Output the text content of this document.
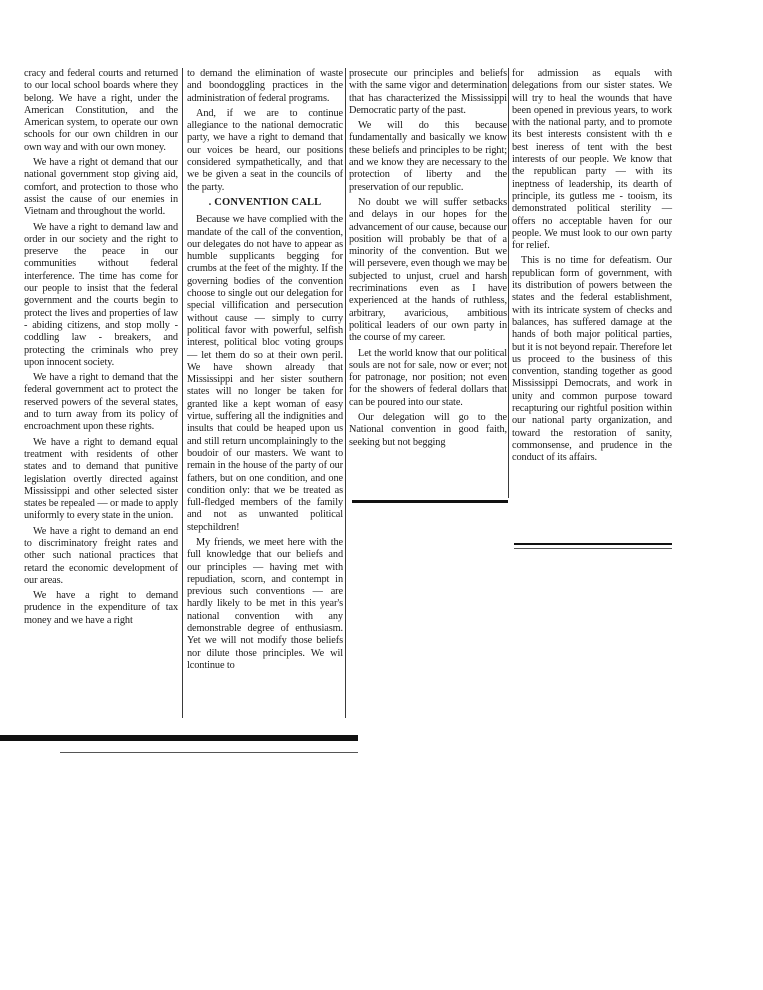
cracy and federal courts and returned to our local school boards where they belong. We have a right, under the American Constitution, and the American system, to operate our own schools for our own children in our own way and with our own money.

We have a right ot demand that our national government stop giving aid, comfort, and protection to those who assist the cause of our enemies in Vietnam and throughout the world.

We have a right to demand law and order in our society and the right to preserve the peace in our communities without federal interference. The time has come for our people to insist that the federal government and the courts begin to protect the lives and properties of law - abiding citizens, and stop molly - coddling law - breakers, and protecting the criminals who prey upon innocent society.

We have a right to demand that the federal government act to protect the reserved powers of the several states, and to turn away from its policy of encroachment upon these rights.

We have a right to demand equal treatment with residents of other states and to demand that punitive legislation overtly directed against Mississippi and other selected sister states be repealed — or made to apply uniformly to every state in the union.

We have a right to demand an end to discriminatory freight rates and other such national practices that retard the economic development of our areas.

We have a right to demand prudence in the expenditure of tax money and we have a right

to demand the elimination of waste and boondoggling practices in the administration of federal programs.

And, if we are to continue allegiance to the national democratic party, we have a right to demand that our voices be heard, our positions considered sympathetically, and that we be given a seat in the councils of the party.

. CONVENTION CALL

Because we have complied with the mandate of the call of the convention, our delegates do not have to appear as humble supplicants begging for crumbs at the feet of the mighty. If the governing bodies of the convention choose to single out our delegation for special villification and persecution without cause — simply to curry political favor with powerful, selfish interest, political bloc voting groups — let them do so at their own peril. We have shown already that Mississippi and her sister southern states will no longer be taken for granted like a kept woman of easy virtue, suffering all the indignities and insults that could be heaped upon us and still return uncomplainingly to the boudoir of our masters. We want to remain in the house of the party of our fathers, but on one condition, and one condition only: that we be treated as full-fledged members of the family and not as unwanted political stepchildren!

My friends, we meet here with the full knowledge that our beliefs and our principles — having met with repudiation, scorn, and contempt in previous such conventions — are hardly likely to be met in this year's national convention with any demonstrable degree of enthusiasm. Yet we will not modify those beliefs nor dilute those principles. We wil lcontinue to

prosecute our principles and beliefs with the same vigor and determination that has characterized the Mississippi Democratic party of the past.

We will do this because fundamentally and basically we know these beliefs and principles to be right; and we know they are necessary to the protection of liberty and the preservation of our republic.

No doubt we will suffer setbacks and delays in our hopes for the advancement of our cause, because our position will probably be that of a minority of the convention. But we will persevere, even though we may be subjected to unjust, cruel and harsh recriminations even as I have experienced at the hands of ruthless, arbitrary, avaricious, ambitious political leaders of our own party in the course of my career.

Let the world know that our political souls are not for sale, now or ever; not for patronage, nor position; not even for the showers of federal dollars that can be poured into our state.

Our delegation will go to the National convention in good faith, seeking but not begging

for admission as equals with delegations from our sister states. We will try to heal the wounds that have been opened in previous years, to work with the national party, and to promote its best interests consistent with th e best ineress of tent with the best interests of our people. We know that the republican party — with its ineptness of leadership, its dearth of principle, its gutless me - tooism, its demonstrated political sterility — offers no acceptable haven for our people. We must look to our own party for relief.

This is no time for defeatism. Our republican form of government, with its distribution of powers between the states and the federal establishment, with its intricate system of checks and balances, has suffered damage at the hands of both major political parties, but it is not beyond repair. Therefore let us proceed to the business of this convention, standing together as good Mississippi Democrats, and work in unity and common purpose toward recapturing our rightful position within our national party organization, and toward the restoration of sanity, commonsense, and prudence in the conduct of its affairs.
